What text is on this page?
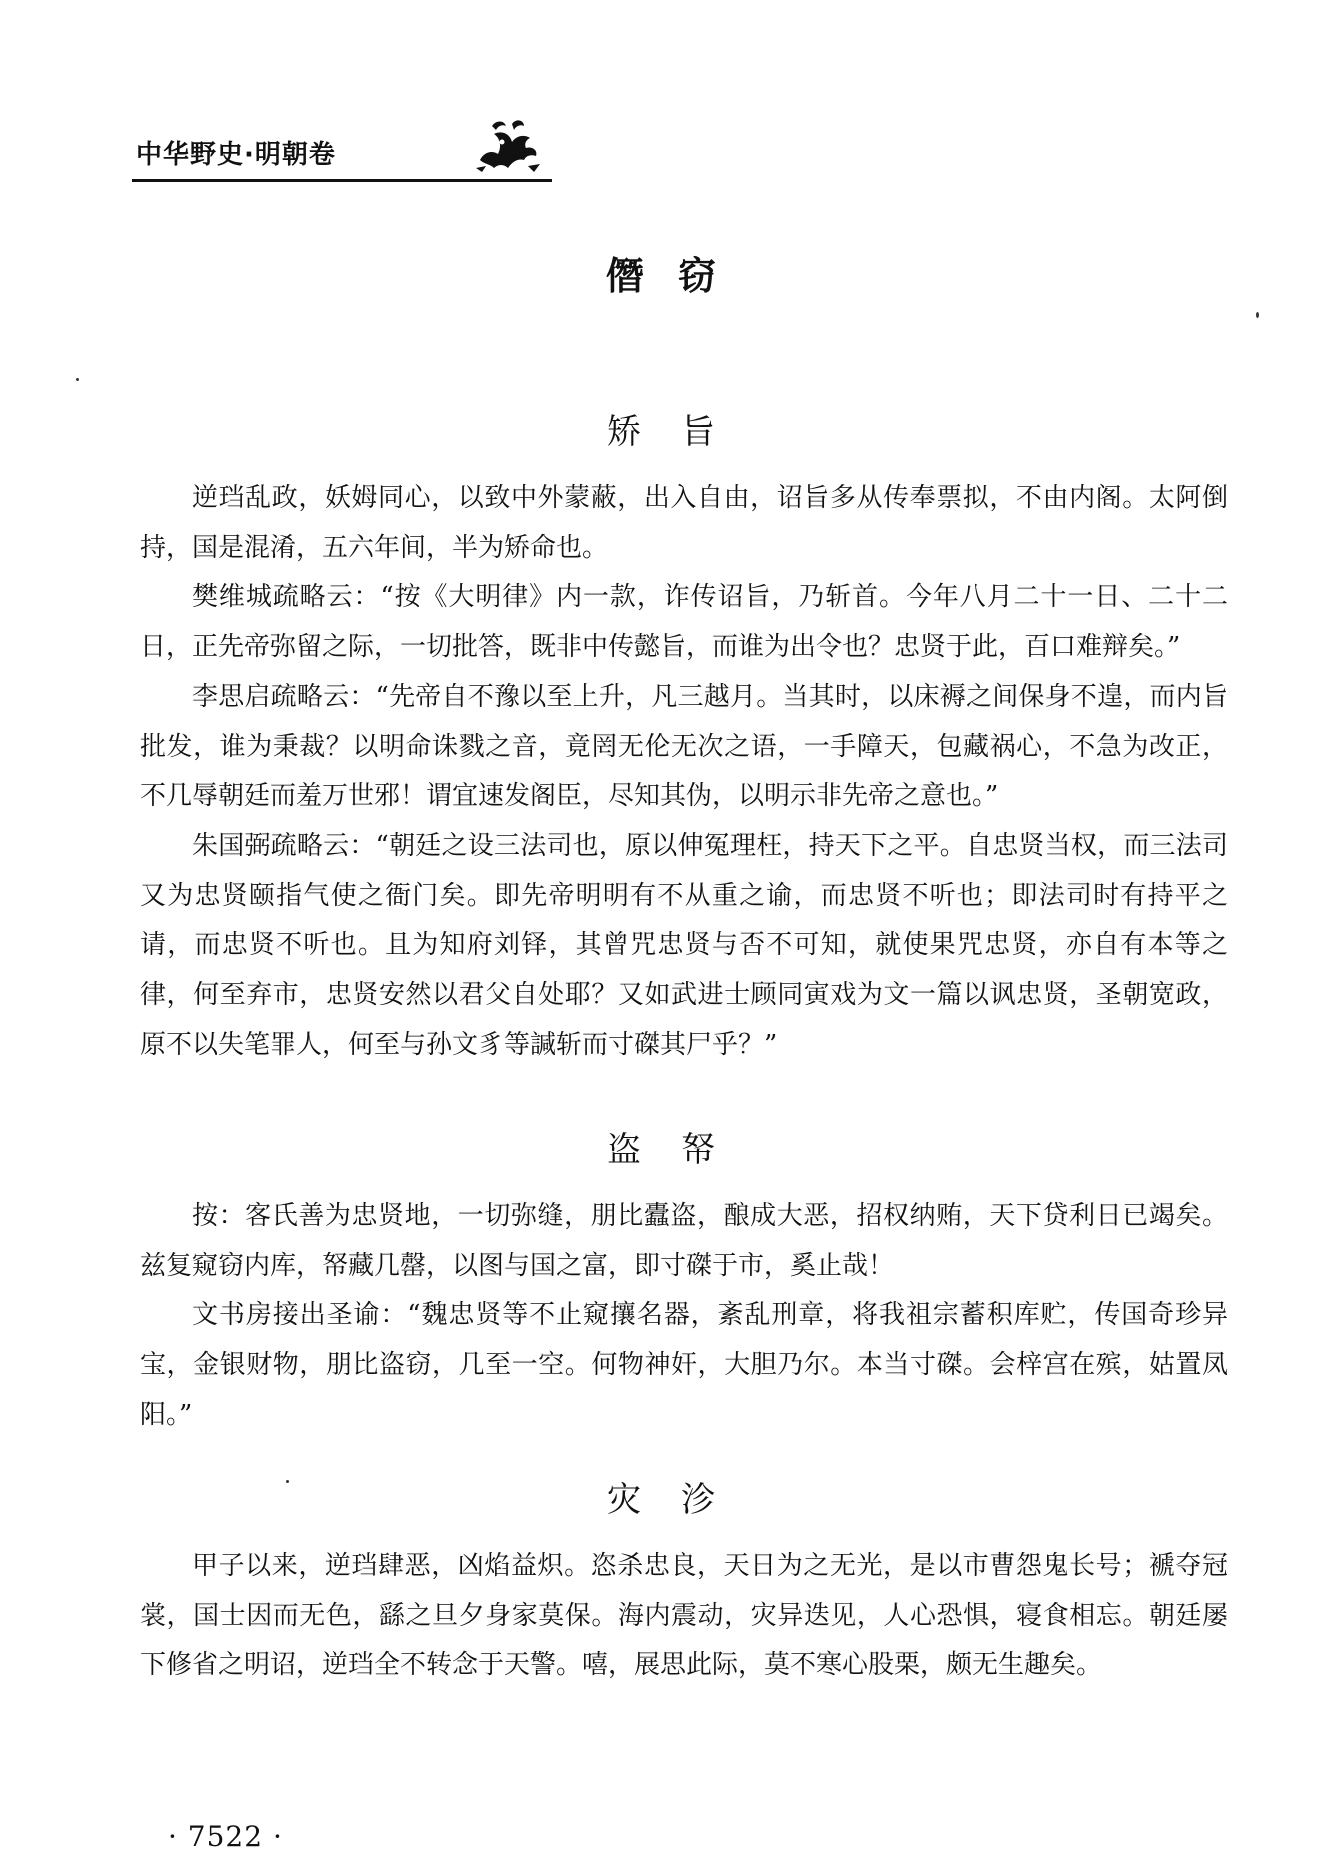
中华野史·明朝卷
僭窃
矫旨

逆珰乱政，妖姆同心，以致中外蒙蔽，出入自由，诏旨多从传奉票拟，不由内阁。太阿倒持，国是混淆，五六年间，半为矫命也。

樊维城疏略云：“按《大明律》内一款，诈传诏旨，乃斩首。今年八月二十一日、二十二日，正先帝弥留之际，一切批答，既非中传懿旨，而谁为出令也？忠贤于此，百口难辩矣。”

李思启疏略云：“先帝自不豫以至上升，凡三越月。当其时，以床褥之间保身不遑，而内旨批发，谁为秉裁？以明命诛戮之音，竟罔无伦无次之语，一手障天，包藏祸心，不急为改正，不几辱朝廷而羞万世邪！谓宜速发阁臣，尽知其伪，以明示非先帝之意也。”

朱国弼疏略云：“朝廷之设三法司也，原以伸冤理枉，持天下之平。自忠贤当权，而三法司又为忠贤颐指气使之衙门矣。即先帝明明有不从重之谕，而忠贤不听也；即法司时有持平之请，而忠贤不听也。且为知府刘铎，其曾咒忠贤与否不可知，就使果咒忠贤，亦自有本等之律，何至弃市，忠贤安然以君父自处耶？又如武进士顾同寅戏为文一篇以讽忠贤，圣朝宽政，原不以失笔罪人，何至与孙文豸等諴斩而寸磔其尸乎？”

盗帑

按：客氏善为忠贤地，一切弥缝，朋比蠹盗，酿成大恶，招权纳贿，天下贷利日已竭矣。兹复窥窃内库，帑藏几罄，以图与国之富，即寸磔于市，奚止哉！

文书房接出圣谕：“魏忠贤等不止窥攘名器，紊乱刑章，将我祖宗蓄积库贮，传国奇珍异宝，金银财物，朋比盗窃，几至一空。何物神奸，大胆乃尔。本当寸磔。会梓宫在殡，姑置凤阳。”

灾沴

甲子以来，逆珰肆恶，凶焰益炽。恣杀忠良，天日为之无光，是以市曹怨鬼长号；褫夺冠裳，国士因而无色，繇之旦夕身家莫保。海内震动，灾异迭见，人心恐惧，寝食相忘。朝廷屡下修省之明诏，逆珰全不转念于天警。嘻，展思此际，莫不寒心股栗，颇无生趣矣。

· 7522 ·
